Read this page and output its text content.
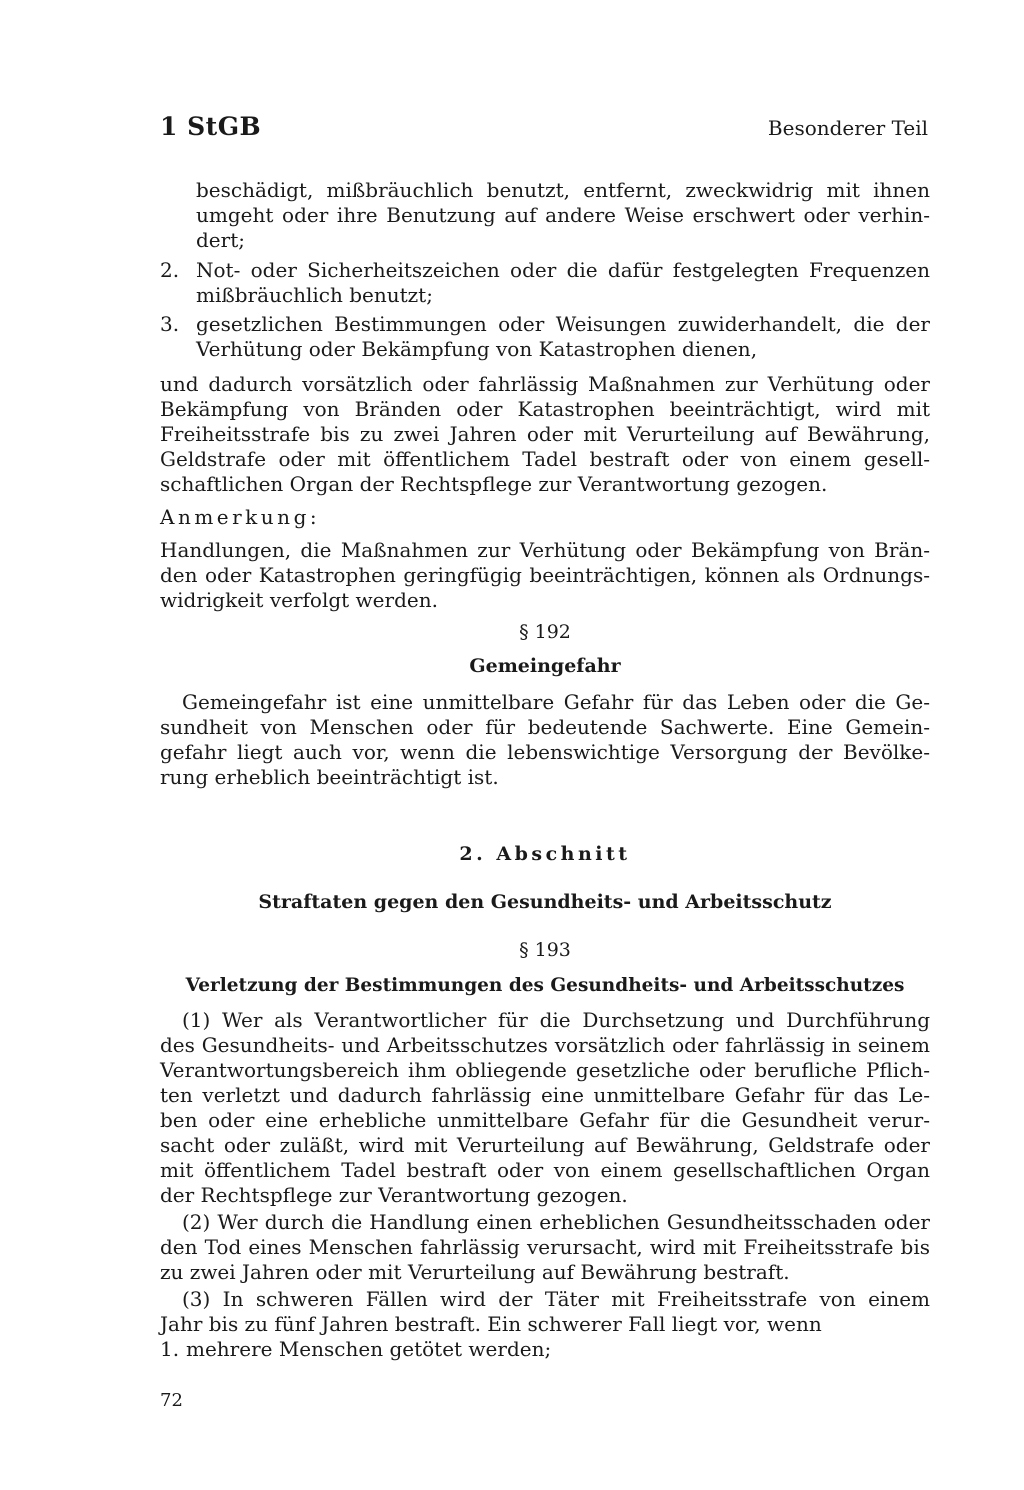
1 StGB	Besonderer Teil
beschädigt, mißbräuchlich benutzt, entfernt, zweckwidrig mit ihnen
umgeht oder ihre Benutzung auf andere Weise erschwert oder verhin-
dert;
2. Not- oder Sicherheitszeichen oder die dafür festgelegten Frequenzen
mißbräuchlich benutzt;
3. gesetzlichen Bestimmungen oder Weisungen zuwiderhandelt, die der
Verhütung oder Bekämpfung von Katastrophen dienen,
und dadurch vorsätzlich oder fahrlässig Maßnahmen zur Verhütung oder
Bekämpfung von Bränden oder Katastrophen beeinträchtigt, wird mit
Freiheitsstrafe bis zu zwei Jahren oder mit Verurteilung auf Bewährung,
Geldstrafe oder mit öffentlichem Tadel bestraft oder von einem gesell-
schaftlichen Organ der Rechtspflege zur Verantwortung gezogen.
Anmerkung:
Handlungen, die Maßnahmen zur Verhütung oder Bekämpfung von Brän-
den oder Katastrophen geringfügig beeinträchtigen, können als Ordnungs-
widrigkeit verfolgt werden.
§ 192
Gemeingefahr
Gemeingefahr ist eine unmittelbare Gefahr für das Leben oder die Ge-
sundheit von Menschen oder für bedeutende Sachwerte. Eine Gemein-
gefahr liegt auch vor, wenn die lebenswichtige Versorgung der Bevölke-
rung erheblich beeinträchtigt ist.
2. Abschnitt
Straftaten gegen den Gesundheits- und Arbeitsschutz
§ 193
Verletzung der Bestimmungen des Gesundheits- und Arbeitsschutzes
(1) Wer als Verantwortlicher für die Durchsetzung und Durchführung
des Gesundheits- und Arbeitsschutzes vorsätzlich oder fahrlässig in seinem
Verantwortungsbereich ihm obliegende gesetzliche oder berufliche Pflich-
ten verletzt und dadurch fahrlässig eine unmittelbare Gefahr für das Le-
ben oder eine erhebliche unmittelbare Gefahr für die Gesundheit verur-
sacht oder zuläßt, wird mit Verurteilung auf Bewährung, Geldstrafe oder
mit öffentlichem Tadel bestraft oder von einem gesellschaftlichen Organ
der Rechtspflege zur Verantwortung gezogen.
(2) Wer durch die Handlung einen erheblichen Gesundheitsschaden oder
den Tod eines Menschen fahrlässig verursacht, wird mit Freiheitsstrafe bis
zu zwei Jahren oder mit Verurteilung auf Bewährung bestraft.
(3) In schweren Fällen wird der Täter mit Freiheitsstrafe von einem
Jahr bis zu fünf Jahren bestraft. Ein schwerer Fall liegt vor, wenn
1. mehrere Menschen getötet werden;
72
